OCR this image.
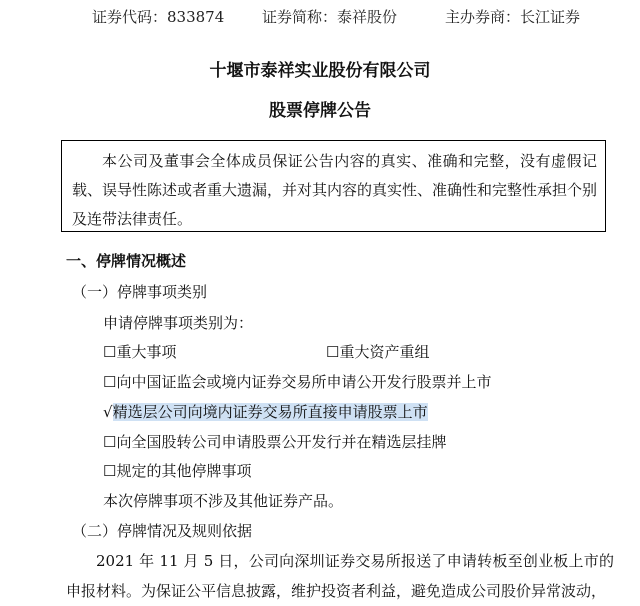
证券代码：833874	证券简称：泰祥股份	主办券商：长江证券
十堰市泰祥实业股份有限公司
股票停牌公告

本公司及董事会全体成员保证公告内容的真实、准确和完整，没有虚假记载、误导性陈述或者重大遗漏，并对其内容的真实性、准确性和完整性承担个别及连带法律责任。

一、停牌情况概述
（一）停牌事项类别
申请停牌事项类别为：
☐重大事项	☐重大资产重组
☐向中国证监会或境内证券交易所申请公开发行股票并上市
√精选层公司向境内证券交易所直接申请股票上市
☐向全国股转公司申请股票公开发行并在精选层挂牌
☐规定的其他停牌事项
本次停牌事项不涉及其他证券产品。
（二）停牌情况及规则依据

2021 年 11 月 5 日，公司向深圳证券交易所报送了申请转板至创业板上市的申报材料。为保证公平信息披露，维护投资者利益，避免造成公司股价异常波动，
